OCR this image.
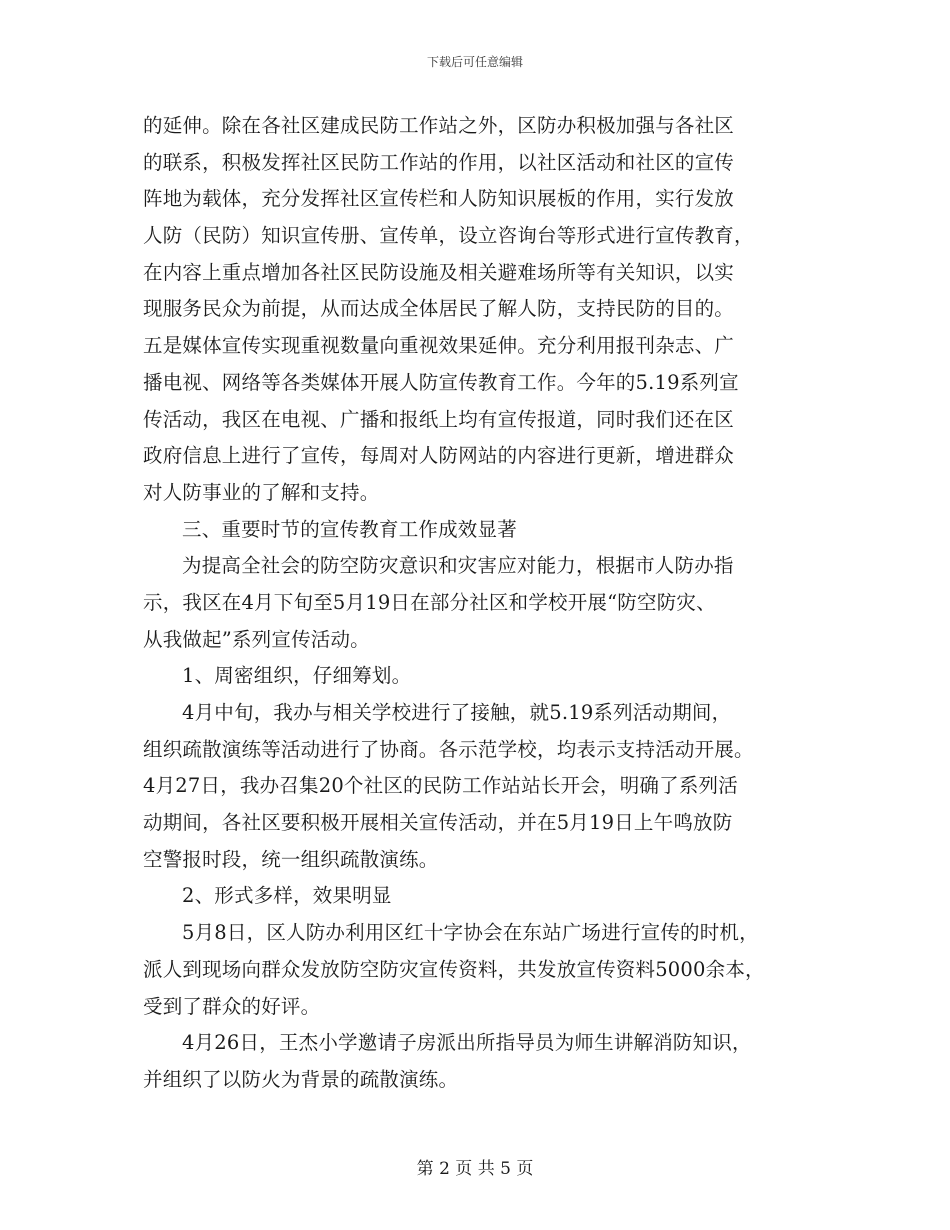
下载后可任意编辑
的延伸。除在各社区建成民防工作站之外，区防办积极加强与各社区
的联系，积极发挥社区民防工作站的作用，以社区活动和社区的宣传
阵地为载体，充分发挥社区宣传栏和人防知识展板的作用，实行发放
人防（民防）知识宣传册、宣传单，设立咨询台等形式进行宣传教育，
在内容上重点增加各社区民防设施及相关避难场所等有关知识，以实
现服务民众为前提，从而达成全体居民了解人防，支持民防的目的。
五是媒体宣传实现重视数量向重视效果延伸。充分利用报刊杂志、广
播电视、网络等各类媒体开展人防宣传教育工作。今年的5.19系列宣
传活动，我区在电视、广播和报纸上均有宣传报道，同时我们还在区
政府信息上进行了宣传，每周对人防网站的内容进行更新，增进群众
对人防事业的了解和支持。
三、重要时节的宣传教育工作成效显著
为提高全社会的防空防灾意识和灾害应对能力，根据市人防办指
示，我区在4月下旬至5月19日在部分社区和学校开展“防空防灾、
从我做起”系列宣传活动。
1、周密组织，仔细筹划。
4月中旬，我办与相关学校进行了接触，就5.19系列活动期间，
组织疏散演练等活动进行了协商。各示范学校，均表示支持活动开展。
4月27日，我办召集20个社区的民防工作站站长开会，明确了系列活
动期间，各社区要积极开展相关宣传活动，并在5月19日上午鸣放防
空警报时段，统一组织疏散演练。
2、形式多样，效果明显
5月8日，区人防办利用区红十字协会在东站广场进行宣传的时机，
派人到现场向群众发放防空防灾宣传资料，共发放宣传资料5000余本，
受到了群众的好评。
4月26日，王杰小学邀请子房派出所指导员为师生讲解消防知识，
并组织了以防火为背景的疏散演练。
第 2 页 共 5 页
